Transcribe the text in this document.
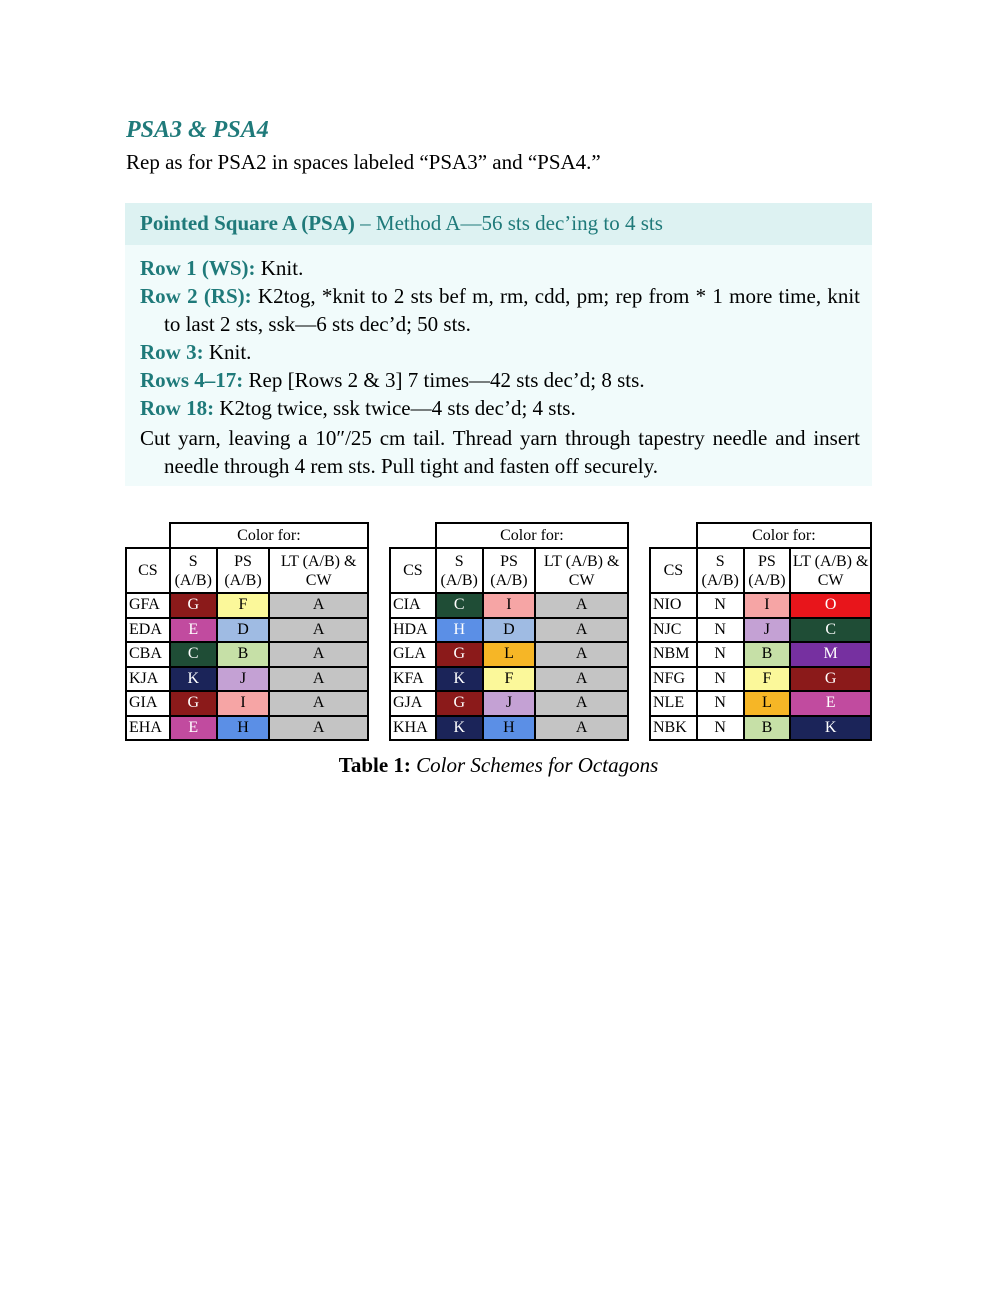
PSA3 & PSA4
Rep as for PSA2 in spaces labeled “PSA3” and “PSA4.”
Pointed Square A (PSA) – Method A—56 sts dec’ing to 4 sts
Row 1 (WS): Knit.
Row 2 (RS): K2tog, *knit to 2 sts bef m, rm, cdd, pm; rep from * 1 more time, knit to last 2 sts, ssk—6 sts dec’d; 50 sts.
Row 3: Knit.
Rows 4–17: Rep [Rows 2 & 3] 7 times—42 sts dec’d; 8 sts.
Row 18: K2tog twice, ssk twice—4 sts dec’d; 4 sts.
Cut yarn, leaving a 10″/25 cm tail. Thread yarn through tapestry needle and insert needle through 4 rem sts. Pull tight and fasten off securely.
	Color for:		
CS	S (A/B)	PS (A/B)	LT (A/B) & CW
GFA	G	F	A
EDA	E	D	A
CBA	C	B	A
KJA	K	J	A
GIA	G	I	A
EHA	E	H	A
	Color for:		
CS	S (A/B)	PS (A/B)	LT (A/B) & CW
CIA	C	I	A
HDA	H	D	A
GLA	G	L	A
KFA	K	F	A
GJA	G	J	A
KHA	K	H	A
	Color for:		
CS	S (A/B)	PS (A/B)	LT (A/B) & CW
NIO	N	I	O
NJC	N	J	C
NBM	N	B	M
NFG	N	F	G
NLE	N	L	E
NBK	N	B	K
Table 1: Color Schemes for Octagons
